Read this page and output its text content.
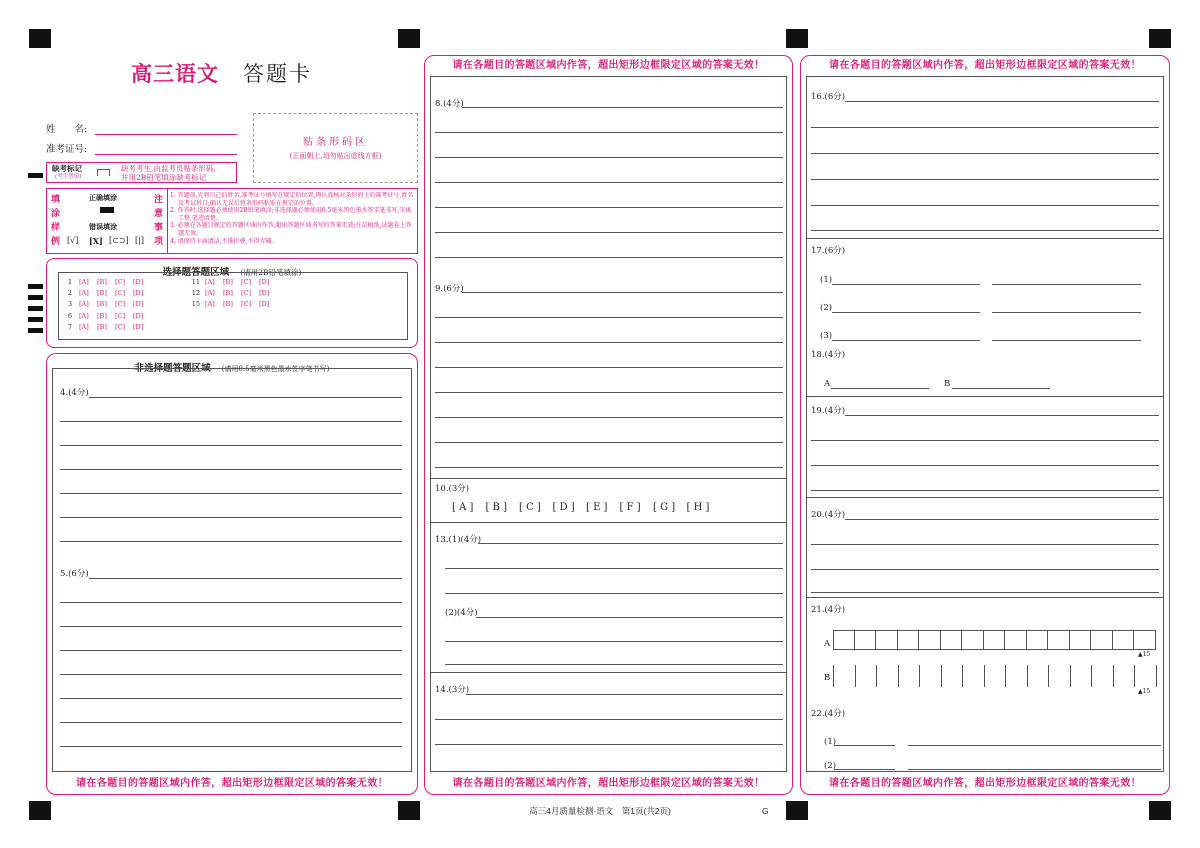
高三语文 答题卡
姓　　名:
准考证号:
贴条形码区
(正面朝上,切勿贴出虚线方框)
缺考标记
(考生禁填)
缺考考生,由监考员贴条形码,
并用2B铅笔填涂缺考标记
填
涂
样
例
正确填涂
错误填涂
[√] [X] [⊂⊃] [|]
注
意
事
项
1. 答题前,先将自己的姓名,准考证号填写在规定的位置,再认真核对条形码上的准考证号,姓名及考试科目,确认无误后将条形码粘贴在规定的位置。
2. 作答时,选择题必须使用2B铅笔填涂;非选择题必须使用0.5毫米黑色墨水签字笔书写,字体工整,笔迹清楚。
3. 必须在各题目规定的答题区域内作答,超出答题区域书写的答案无效;在草稿纸,试题卷上答题无效。
4. 请保持卡面清洁,不准折叠,不得弄破。
选择题答题区域 (请用2B铅笔填涂)
非选择题答题区域 (请用0.5毫米黑色墨水签字笔书写)
4.(4分)
5.(6分)
请在各题目的答题区域内作答，超出矩形边框限定区域的答案无效！
请在各题目的答题区域内作答，超出矩形边框限定区域的答案无效！
8.(4分)
9.(6分)
10.(3分)
13.(1)(4分)
(2)(4分)
14.(3分)
请在各题目的答题区域内作答，超出矩形边框限定区域的答案无效！
请在各题目的答题区域内作答，超出矩形边框限定区域的答案无效！
16.(6分)
17.(6分)
(1)
(2)
(3)
18.(4分)
A	B
19.(4分)
20.(4分)
21.(4分)
A
B
▲15
▲15
22.(4分)
(1)
(2)
请在各题目的答题区域内作答，超出矩形边框限定区域的答案无效！
高三4月质量检测·语文　第1页(共2页)	G
1 [A] [B] [C] [D]
2 [A] [B] [C] [D]
3 [A] [B] [C] [D]
6 [A] [B] [C] [D]
7 [A] [B] [C] [D]
11 [A] [B] [C] [D]
12 [A] [B] [C] [D]
15 [A] [B] [C] [D]
[ A ] [ B ] [ C ] [ D ] [ E ] [ F ] [ G ] [ H ]
